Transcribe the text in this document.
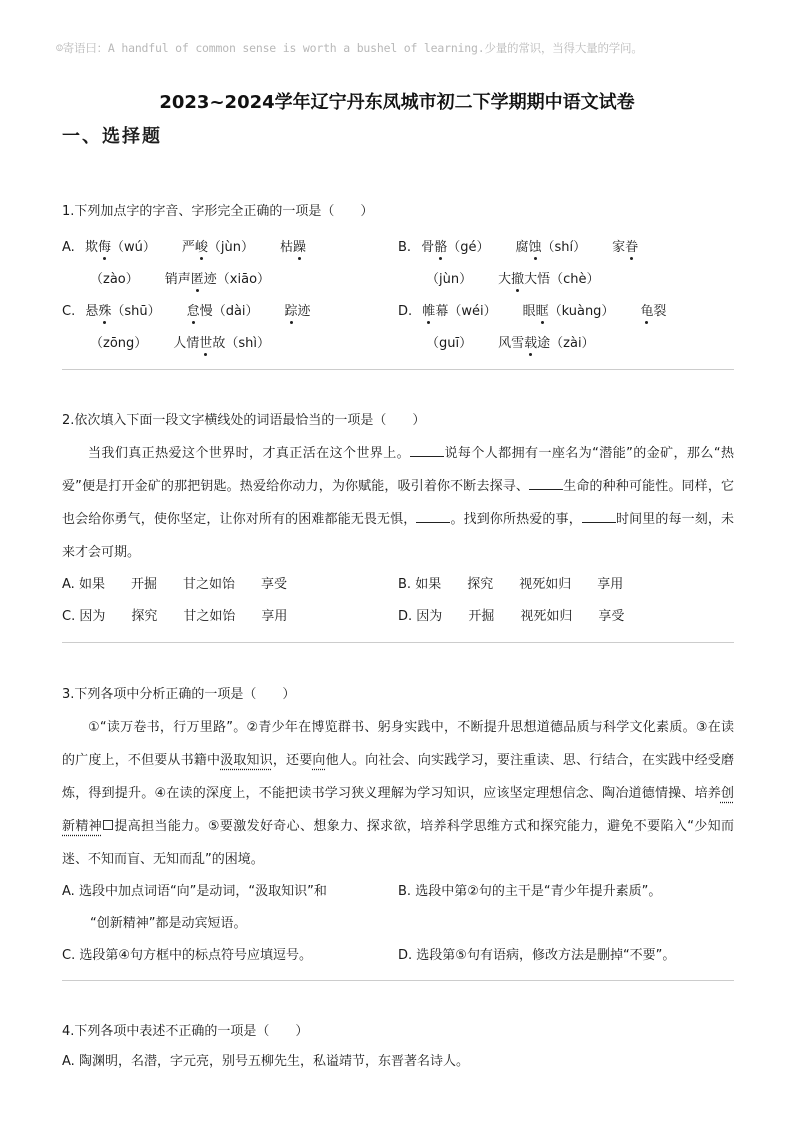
☺寄语曰：A handful of common sense is worth a bushel of learning.少量的常识，当得大量的学问。
2023~2024学年辽宁丹东凤城市初二下学期期中语文试卷
一、选择题
1.下列加点字的字音、字形完全正确的一项是（　　）
A. 欺侮（wú） 严峻（jùn） 枯躁
（zào） 销声匿迹（xiāo）
B. 骨骼（gé） 腐蚀（shí） 家眷
（jùn） 大撤大悟（chè）
C. 悬殊（shū） 怠慢（dài） 踪迹
（zōng） 人情世故（shì）
D. 帷幕（wéi） 眼眶（kuàng） 龟裂
（guī） 风雪载途（zài）
2.依次填入下面一段文字横线处的词语最恰当的一项是（　　）
当我们真正热爱这个世界时，才真正活在这个世界上。	说每个人都拥有一座名为“潜能”的金矿，那么“热爱”便是打开金矿的那把钥匙。热爱给你动力，为你赋能，吸引着你不断去探寻、	生命的种种可能性。同样，它也会给你勇气，使你坚定，让你对所有的困难都能无畏无惧，	。找到你所热爱的事，	时间里的每一刻，未来才会可期。
A. 如果 开掘 甘之如饴 享受	B. 如果 探究 视死如归 享用
C. 因为 探究 甘之如饴 享用	D. 因为 开掘 视死如归 享受
3.下列各项中分析正确的一项是（　　）
①“读万卷书，行万里路”。②青少年在博览群书、躬身实践中，不断提升思想道德品质与科学文化素质。③在读的广度上，不但要从书籍中汲取知识，还要向他人。向社会、向实践学习，要注重读、思、行结合，在实践中经受磨炼，得到提升。④在读的深度上，不能把读书学习狭义理解为学习知识，应该坚定理想信念、陶冶道德情操、培养创新精神 提高担当能力。⑤要激发好奇心、想象力、探求欲，培养科学思维方式和探究能力，避免不要陷入“少知而迷、不知而盲、无知而乱”的困境。
A. 选段中加点词语“向”是动词，“汲取知识”和
“创新精神”都是动宾短语。
B. 选段中第②句的主干是“青少年提升素质”。
C. 选段第④句方框中的标点符号应填逗号。	D. 选段第⑤句有语病，修改方法是删掉“不要”。
4.下列各项中表述不正确的一项是（　　）
A. 陶渊明，名潜，字元亮，别号五柳先生，私谥靖节，东晋著名诗人。
